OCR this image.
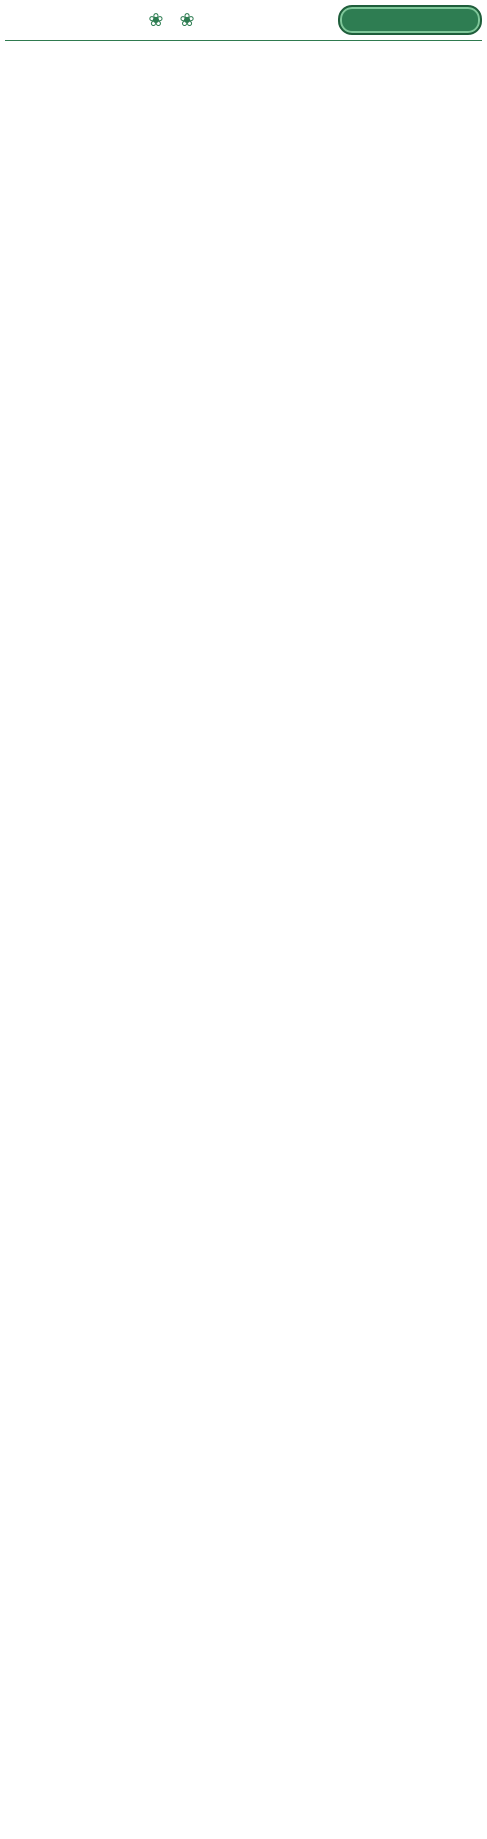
❀
❀
